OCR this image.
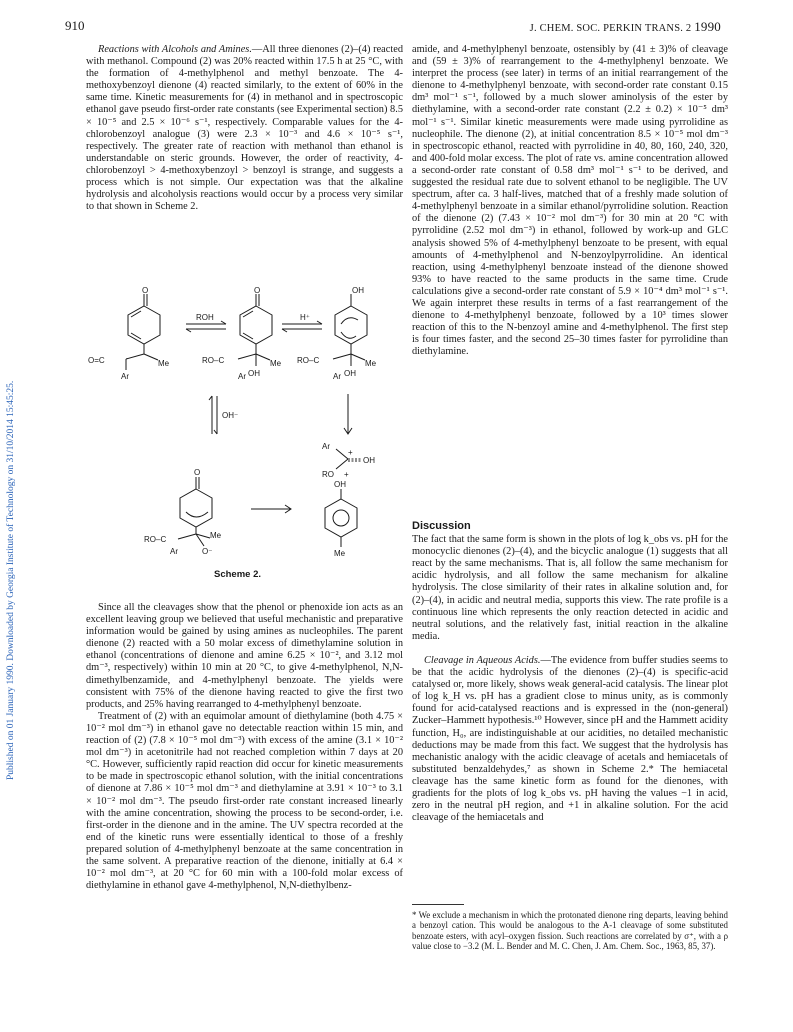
910	J. CHEM. SOC. PERKIN TRANS. 2 1990
Published on 01 January 1990. Downloaded by Georgia Institute of Technology on 31/10/2014 15:45:25.

Reactions with Alcohols and Amines.—All three dienones (2)–(4) reacted with methanol. Compound (2) was 20% reacted within 17.5 h at 25 °C, with the formation of 4-methylphenol and methyl benzoate. The 4-methoxybenzoyl dienone (4) reacted similarly, to the extent of 60% in the same time. Kinetic measurements for (4) in methanol and in spectroscopic ethanol gave pseudo first-order rate constants (see Experimental section) 8.5 × 10⁻⁵ and 2.5 × 10⁻⁶ s⁻¹, respectively. Comparable values for the 4-chlorobenzoyl analogue (3) were 2.3 × 10⁻³ and 4.6 × 10⁻⁵ s⁻¹, respectively. The greater rate of reaction with methanol than ethanol is understandable on steric grounds. However, the order of reactivity, 4-chlorobenzoyl > 4-methoxybenzoyl > benzoyl is strange, and suggests a process which is not simple. Our expectation was that the alkaline hydrolysis and alcoholysis reactions would occur by a process very similar to that shown in Scheme 2.

O
O=C	Me
Ar
ROH
O
RO–C	Me
OH
Ar
H⁺
OH
RO–C	Me
OH
Ar
OH⁻
Ar
+
OH
RO +
OH
Me
O
RO–C	Me
Ar	O⁻
Scheme 2.

Since all the cleavages show that the phenol or phenoxide ion acts as an excellent leaving group we believed that useful mechanistic and preparative information would be gained by using amines as nucleophiles. The parent dienone (2) reacted with a 50 molar excess of dimethylamine solution in ethanol (concentrations of dienone and amine 6.25 × 10⁻², and 3.12 mol dm⁻³, respectively) within 10 min at 20 °C, to give 4-methylphenol, N,N-dimethylbenzamide, and 4-methylphenyl benzoate. The yields were consistent with 75% of the dienone having reacted to give the first two products, and 25% having rearranged to 4-methylphenyl benzoate.

Treatment of (2) with an equimolar amount of diethylamine (both 4.75 × 10⁻² mol dm⁻³) in ethanol gave no detectable reaction within 15 min, and reaction of (2) (7.8 × 10⁻⁵ mol dm⁻³) with excess of the amine (3.1 × 10⁻² mol dm⁻³) in acetonitrile had not reached completion within 7 days at 20 °C. However, sufficiently rapid reaction did occur for kinetic measurements to be made in spectroscopic ethanol solution, with the initial concentrations of dienone at 7.86 × 10⁻⁵ mol dm⁻³ and diethylamine at 3.91 × 10⁻³ to 3.1 × 10⁻² mol dm⁻³. The pseudo first-order rate constant increased linearly with the amine concentration, showing the process to be second-order, i.e. first-order in the dienone and in the amine. The UV spectra recorded at the end of the kinetic runs were essentially identical to those of a freshly prepared solution of 4-methylphenyl benzoate at the same concentration in the same solvent. A preparative reaction of the dienone, initially at 6.4 × 10⁻² mol dm⁻³, at 20 °C for 60 min with a 100-fold molar excess of diethylamine in ethanol gave 4-methylphenol, N,N-diethylbenz-

amide, and 4-methylphenyl benzoate, ostensibly by (41 ± 3)% of cleavage and (59 ± 3)% of rearrangement to the 4-methylphenyl benzoate. We interpret the process (see later) in terms of an initial rearrangement of the dienone to 4-methylphenyl benzoate, with second-order rate constant 0.15 dm³ mol⁻¹ s⁻¹, followed by a much slower aminolysis of the ester by diethylamine, with a second-order rate constant (2.2 ± 0.2) × 10⁻⁵ dm³ mol⁻¹ s⁻¹. Similar kinetic measurements were made using pyrrolidine as nucleophile. The dienone (2), at initial concentration 8.5 × 10⁻⁵ mol dm⁻³ in spectroscopic ethanol, reacted with pyrrolidine in 40, 80, 160, 240, 320, and 400-fold molar excess. The plot of rate vs. amine concentration allowed a second-order rate constant of 0.58 dm³ mol⁻¹ s⁻¹ to be derived, and suggested the residual rate due to solvent ethanol to be negligible. The UV spectrum, after ca. 3 half-lives, matched that of a freshly made solution of 4-methylphenyl benzoate in a similar ethanol/pyrrolidine solution. Reaction of the dienone (2) (7.43 × 10⁻² mol dm⁻³) for 30 min at 20 °C with pyrrolidine (2.52 mol dm⁻³) in ethanol, followed by work-up and GLC analysis showed 5% of 4-methylphenyl benzoate to be present, with equal amounts of 4-methylphenol and N-benzoylpyrrolidine. An identical reaction, using 4-methylphenyl benzoate instead of the dienone showed 93% to have reacted to the same products in the same time. Crude calculations give a second-order rate constant of 5.9 × 10⁻⁴ dm³ mol⁻¹ s⁻¹. We again interpret these results in terms of a fast rearrangement of the dienone to 4-methylphenyl benzoate, followed by a 10³ times slower reaction of this to the N-benzoyl amine and 4-methylphenol. The first step is four times faster, and the second 25–30 times faster for pyrrolidine than diethylamine.

Discussion

The fact that the same form is shown in the plots of log k_obs vs. pH for the monocyclic dienones (2)–(4), and the bicyclic analogue (1) suggests that all react by the same mechanisms. That is, all follow the same mechanism for acidic hydrolysis, and all follow the same mechanism for alkaline hydrolysis. The close similarity of their rates in alkaline solution and, for (2)–(4), in acidic and neutral media, supports this view. The rate profile is a continuous line which represents the only reaction detected in acidic and neutral solutions, and the relatively fast, initial reaction in the alkaline media.

Cleavage in Aqueous Acids.—The evidence from buffer studies seems to be that the acidic hydrolysis of the dienones (2)–(4) is specific-acid catalysed or, more likely, shows weak general-acid catalysis. The linear plot of log k_H vs. pH has a gradient close to minus unity, as is commonly found for acid-catalysed reactions and is expressed in the (non-general) Zucker–Hammett hypothesis.¹⁰ However, since pH and the Hammett acidity function, H₀, are indistinguishable at our acidities, no detailed mechanistic deductions may be made from this fact. We suggest that the hydrolysis has mechanistic analogy with the acidic cleavage of acetals and hemiacetals of substituted benzaldehydes,⁷ as shown in Scheme 2.* The hemiacetal cleavage has the same kinetic form as found for the dienones, with gradients for the plots of log k_obs vs. pH having the values −1 in acid, zero in the neutral pH region, and +1 in alkaline solution. For the acid cleavage of the hemiacetals and

* We exclude a mechanism in which the protonated dienone ring departs, leaving behind a benzoyl cation. This would be analogous to the A-1 cleavage of some substituted benzoate esters, with acyl–oxygen fission. Such reactions are correlated by σ⁺, with a ρ value close to −3.2 (M. L. Bender and M. C. Chen, J. Am. Chem. Soc., 1963, 85, 37).
